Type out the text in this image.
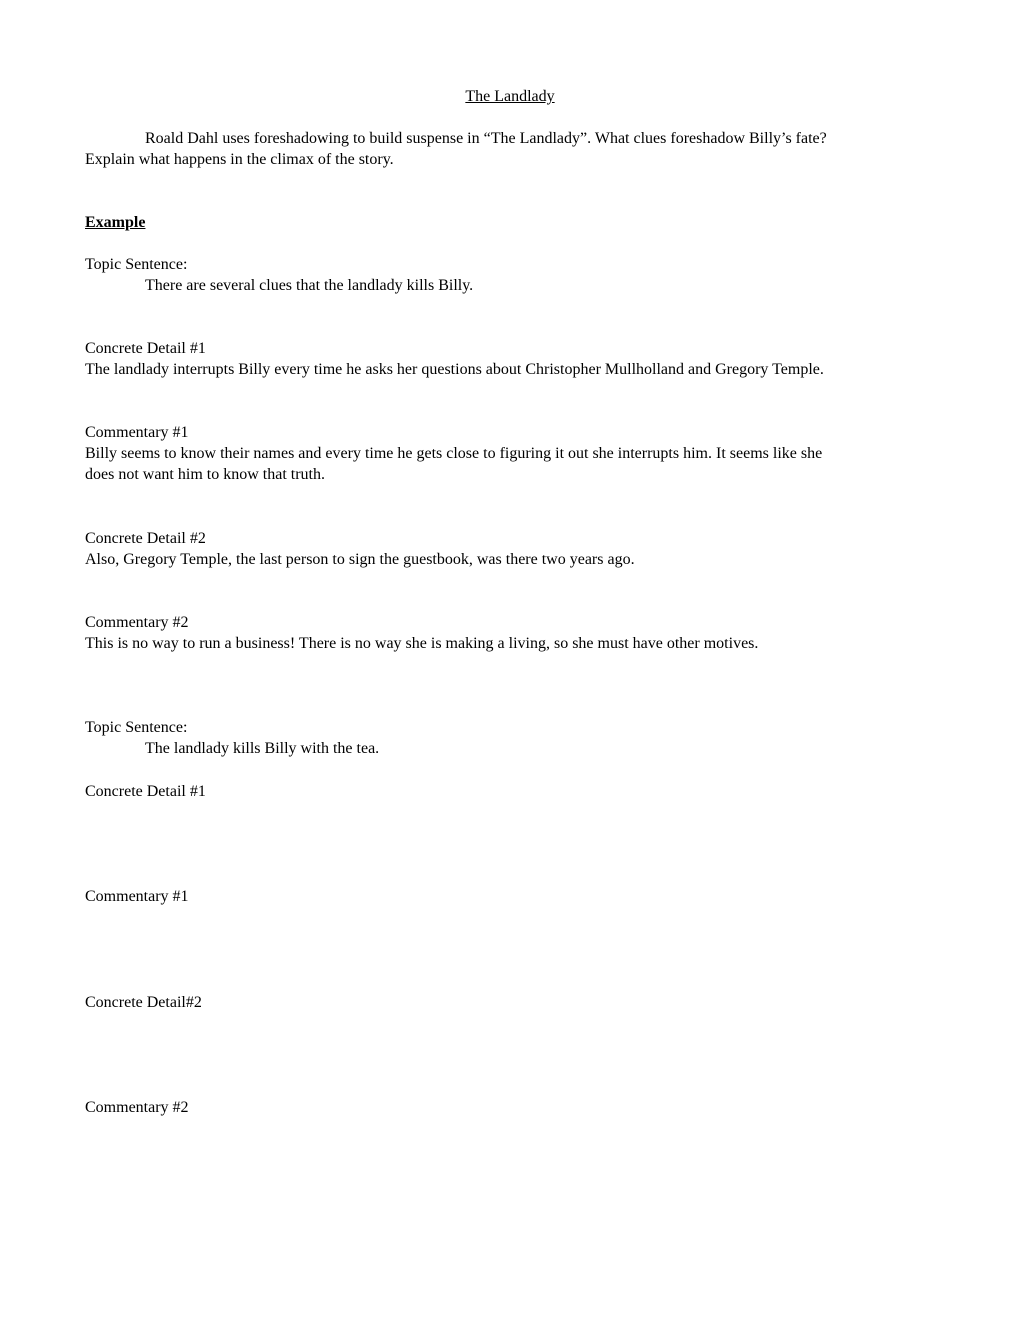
The Landlady
Roald Dahl uses foreshadowing to build suspense in “The Landlady”. What clues foreshadow Billy’s fate?
Explain what happens in the climax of the story.
Example
Topic Sentence:
There are several clues that the landlady kills Billy.
Concrete Detail #1
The landlady interrupts Billy every time he asks her questions about Christopher Mullholland and Gregory Temple.
Commentary #1
Billy seems to know their names and every time he gets close to figuring it out she interrupts him. It seems like she
does not want him to know that truth.
Concrete Detail #2
Also, Gregory Temple, the last person to sign the guestbook, was there two years ago.
Commentary #2
This is no way to run a business! There is no way she is making a living, so she must have other motives.
Topic Sentence:
The landlady kills Billy with the tea.
Concrete Detail #1
Commentary #1
Concrete Detail#2
Commentary #2
